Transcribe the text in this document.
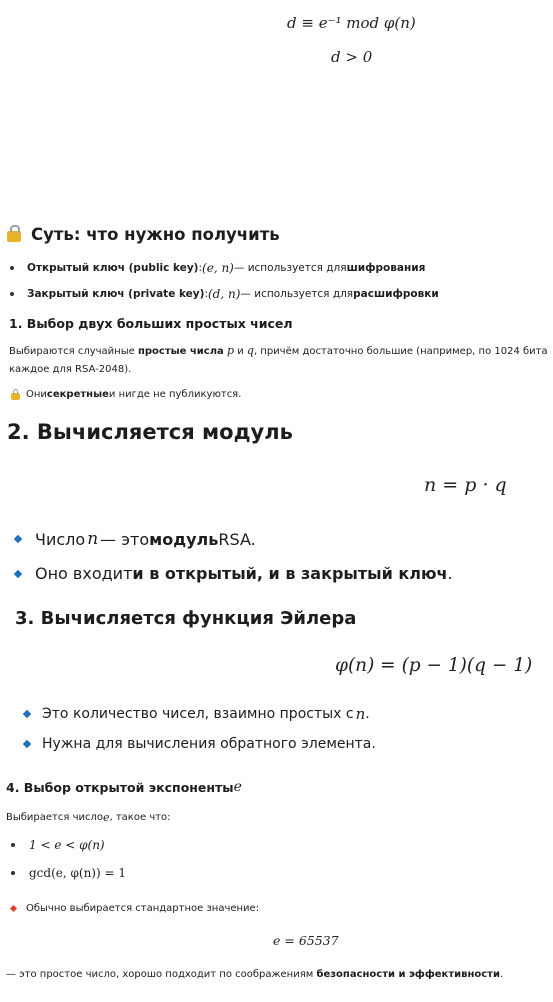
d ≡ e⁻¹ mod φ(n)
d > 0
Суть: что нужно получить
Открытый ключ (public key) : (e, n) — используется для шифрования
Закрытый ключ (private key) : (d, n) — используется для расшифровки
1. Выбор двух больших простых чисел
Выбираются случайные простые числа p и q, причём достаточно большие (например, по 1024 бита
каждое для RSA-2048).
Они секретные и нигде не публикуются.
2. Вычисляется модуль
n = p · q
Число n — это модуль RSA.
Оно входит и в открытый, и в закрытый ключ .
3. Вычисляется функция Эйлера
φ(n) = (p − 1)(q − 1)
Это количество чисел, взаимно простых с n .
Нужна для вычисления обратного элемента.
4. Выбор открытой экспоненты e
Выбирается число e , такое что:
1 < e < φ(n)
gcd(e, φ(n)) = 1
Обычно выбирается стандартное значение:
e = 65537
— это простое число, хорошо подходит по соображениям безопасности и эффективности.
